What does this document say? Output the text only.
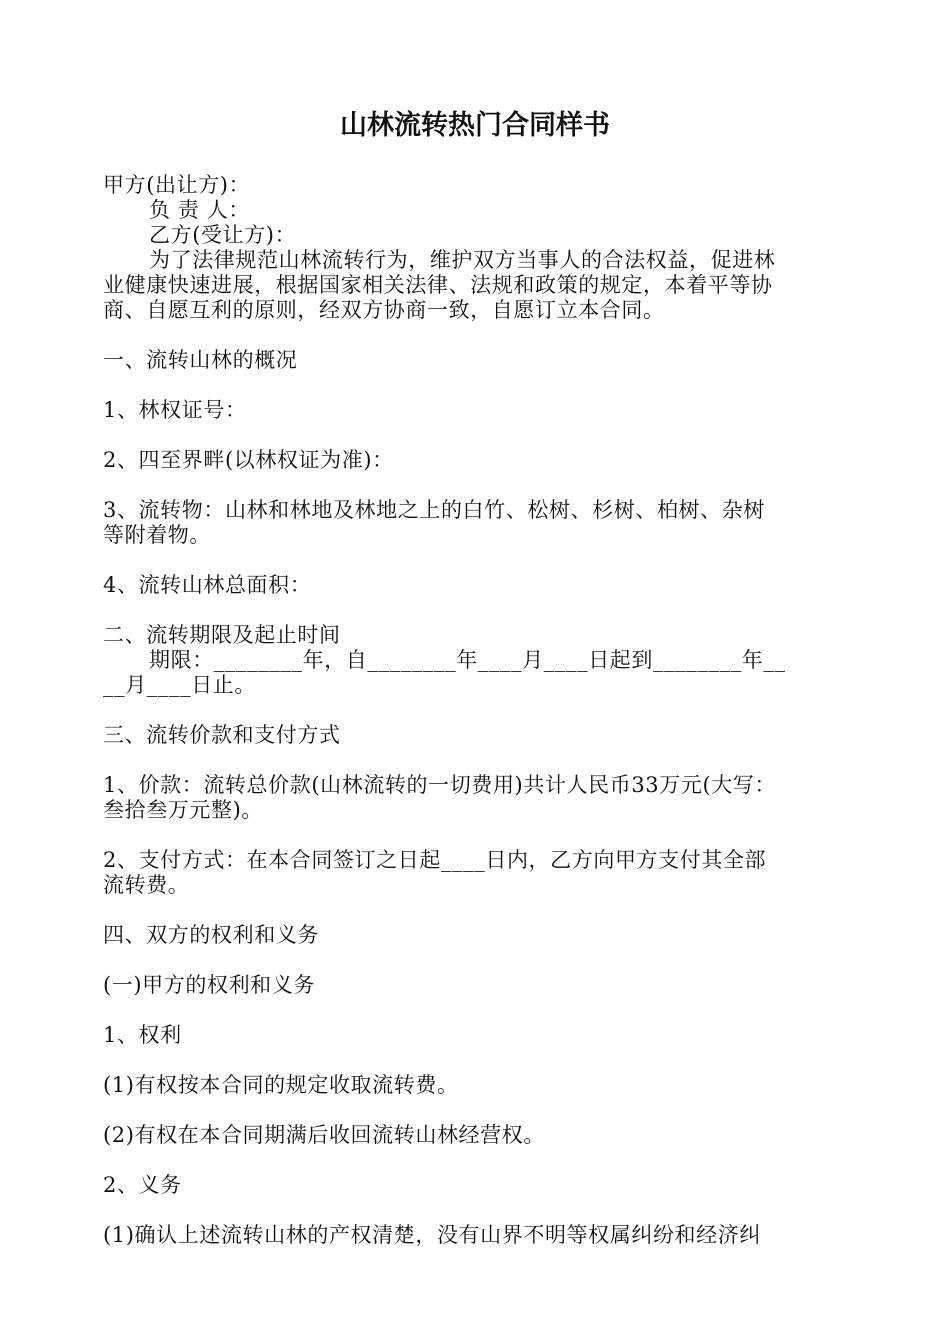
山林流转热门合同样书

甲方(出让方)：

负 责 人：

乙方(受让方)：

为了法律规范山林流转行为，维护双方当事人的合法权益，促进林

业健康快速进展，根据国家相关法律、法规和政策的规定，本着平等协

商、自愿互利的原则，经双方协商一致，自愿订立本合同。

一、流转山林的概况

1、林权证号：

2、四至界畔(以林权证为准)：

3、流转物：山林和林地及林地之上的白竹、松树、杉树、柏树、杂树

等附着物。

4、流转山林总面积：

二、流转期限及起止时间

期限：________年，自________年____月____日起到________年__

__月____日止。

三、流转价款和支付方式

1、价款：流转总价款(山林流转的一切费用)共计人民币33万元(大写：

叁拾叁万元整)。

2、支付方式：在本合同签订之日起____日内，乙方向甲方支付其全部

流转费。

四、双方的权利和义务

(一)甲方的权利和义务

1、权利

(1)有权按本合同的规定收取流转费。

(2)有权在本合同期满后收回流转山林经营权。

2、义务

(1)确认上述流转山林的产权清楚，没有山界不明等权属纠纷和经济纠
